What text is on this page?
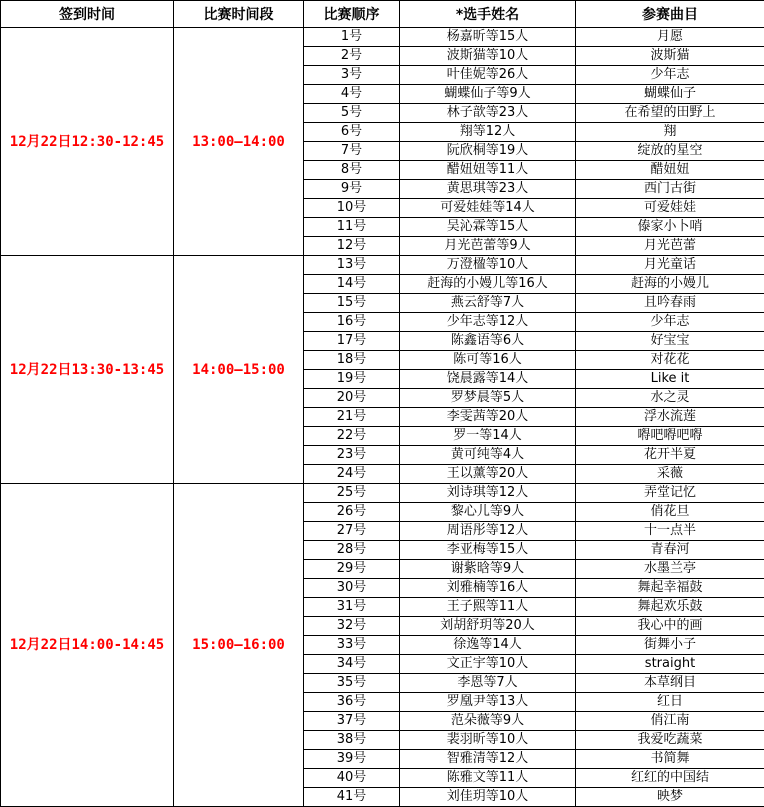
签到时间	比赛时间段	比赛顺序	*选手姓名	参赛曲目
12月22日12:30-12:45	13:00—14:00	1号	杨嘉昕等15人	月愿
		2号	波斯猫等10人	波斯猫
		3号	叶佳妮等26人	少年志
		4号	蝴蝶仙子等9人	蝴蝶仙子
		5号	林子歆等23人	在希望的田野上
		6号	翔等12人	翔
		7号	阮欣桐等19人	绽放的星空
		8号	醋妞妞等11人	醋妞妞
		9号	黄思琪等23人	西门古街
		10号	可爱娃娃等14人	可爱娃娃
		11号	吴沁霖等15人	傣家小卜哨
		12号	月光芭蕾等9人	月光芭蕾
12月22日13:30-13:45	14:00—15:00	13号	万澄楹等10人	月光童话
		14号	赶海的小嫚儿等16人	赶海的小嫚儿
		15号	燕云舒等7人	且吟春雨
		16号	少年志等12人	少年志
		17号	陈鑫语等6人	好宝宝
		18号	陈可等16人	对花花
		19号	饶晨露等14人	Like it
		20号	罗梦晨等5人	水之灵
		21号	李雯茜等20人	浮水流莲
		22号	罗一等14人	嘚吧嘚吧嘚
		23号	黄可纯等4人	花开半夏
		24号	王以薰等20人	采薇
12月22日14:00-14:45	15:00—16:00	25号	刘诗琪等12人	弄堂记忆
		26号	黎心儿等9人	俏花旦
		27号	周语彤等12人	十一点半
		28号	李亚梅等15人	青春河
		29号	谢紫晗等9人	水墨兰亭
		30号	刘雅楠等16人	舞起幸福鼓
		31号	王子熙等11人	舞起欢乐鼓
		32号	刘胡舒玥等20人	我心中的画
		33号	徐逸等14人	街舞小子
		34号	文正宇等10人	straight
		35号	李恩等7人	本草纲目
		36号	罗凰尹等13人	红日
		37号	范朵薇等9人	俏江南
		38号	裴羽昕等10人	我爱吃蔬菜
		39号	智雅清等12人	书简舞
		40号	陈雅文等11人	红红的中国结
		41号	刘佳玥等10人	映梦
